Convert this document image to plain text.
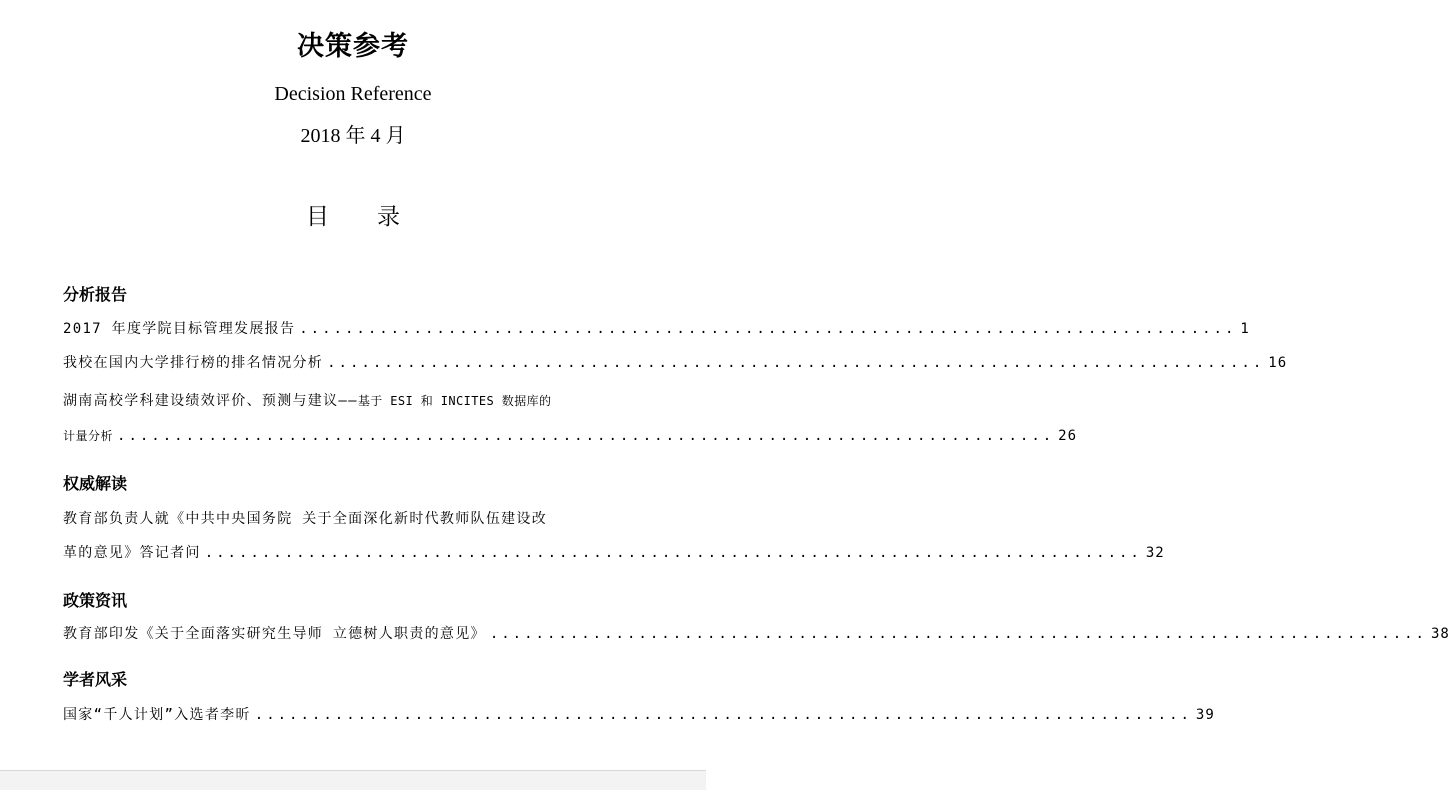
决策参考
Decision Reference
2018 年 4 月
目 录
分析报告
2017 年度学院目标管理发展报告 .................................................................................. 1
我校在国内大学排行榜的排名情况分析 .................................................................................. 16
湖南高校学科建设绩效评价、预测与建议——基于 ESI 和 INCITES 数据库的
计量分析 .................................................................................. 26
权威解读
教育部负责人就《中共中央国务院 关于全面深化新时代教师队伍建设改
革的意见》答记者问 .................................................................................. 32
政策资讯
教育部印发《关于全面落实研究生导师 立德树人职责的意见》 .................................................................................. 38
学者风采
国家“千人计划”入选者李昕 .................................................................................. 39
